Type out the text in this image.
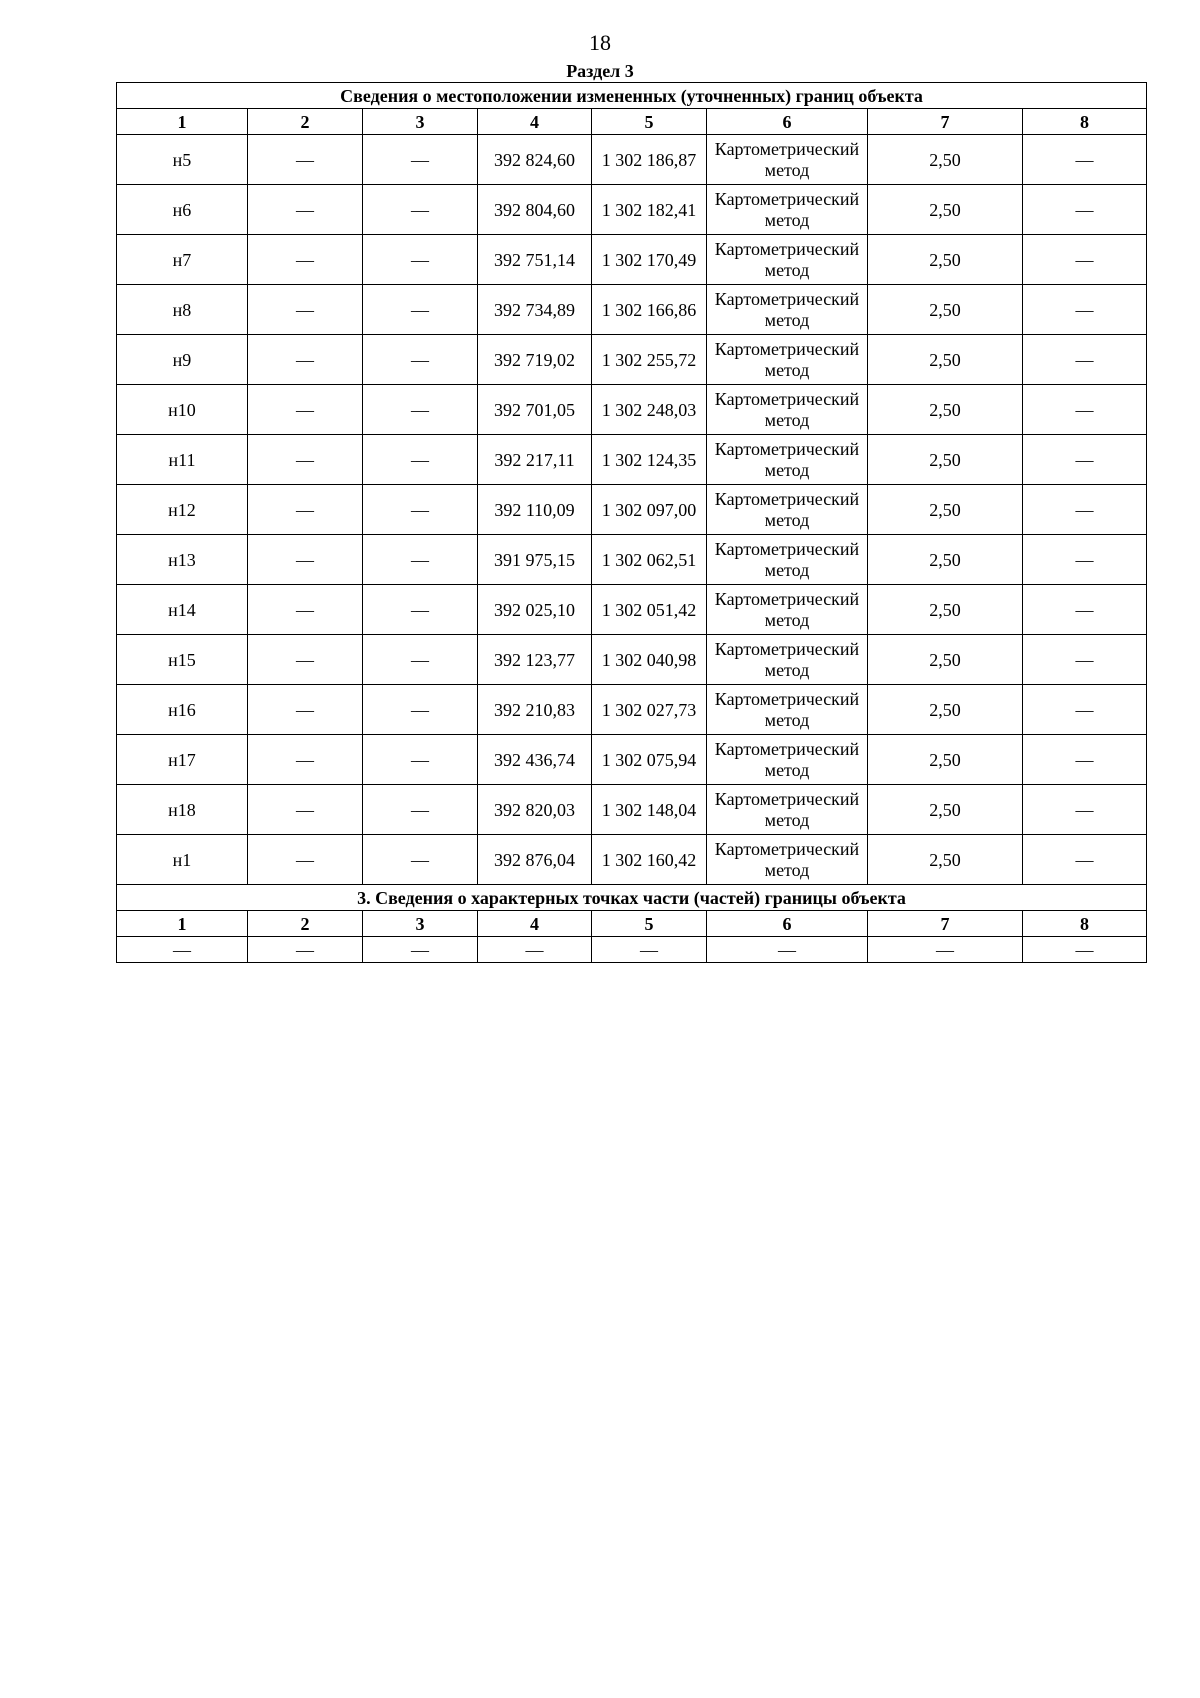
18
Раздел 3
Сведения о местоположении измененных (уточненных) границ объекта							
1	2	3	4	5	6	7	8
н5	—	—	392 824,60	1 302 186,87	Картометрический метод	2,50	—
н6	—	—	392 804,60	1 302 182,41	Картометрический метод	2,50	—
н7	—	—	392 751,14	1 302 170,49	Картометрический метод	2,50	—
н8	—	—	392 734,89	1 302 166,86	Картометрический метод	2,50	—
н9	—	—	392 719,02	1 302 255,72	Картометрический метод	2,50	—
н10	—	—	392 701,05	1 302 248,03	Картометрический метод	2,50	—
н11	—	—	392 217,11	1 302 124,35	Картометрический метод	2,50	—
н12	—	—	392 110,09	1 302 097,00	Картометрический метод	2,50	—
н13	—	—	391 975,15	1 302 062,51	Картометрический метод	2,50	—
н14	—	—	392 025,10	1 302 051,42	Картометрический метод	2,50	—
н15	—	—	392 123,77	1 302 040,98	Картометрический метод	2,50	—
н16	—	—	392 210,83	1 302 027,73	Картометрический метод	2,50	—
н17	—	—	392 436,74	1 302 075,94	Картометрический метод	2,50	—
н18	—	—	392 820,03	1 302 148,04	Картометрический метод	2,50	—
н1	—	—	392 876,04	1 302 160,42	Картометрический метод	2,50	—
3. Сведения о характерных точках части (частей) границы объекта							
1	2	3	4	5	6	7	8
—	—	—	—	—	—	—	—
